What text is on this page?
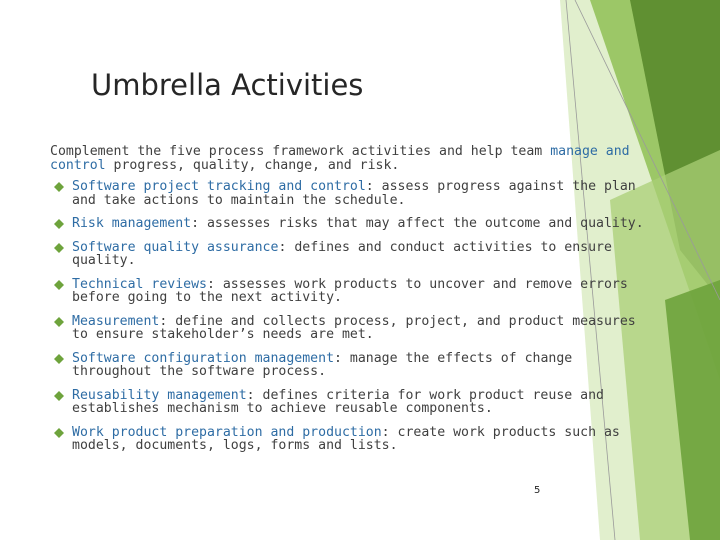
Umbrella Activities

Complement the five process framework activities and help team manage and control progress, quality, change, and risk.

Software project tracking and control: assess progress against the plan and take actions to maintain the schedule.
Risk management: assesses risks that may affect the outcome and quality.
Software quality assurance: defines and conduct activities to ensure quality.
Technical reviews: assesses work products to uncover and remove errors before going to the next activity.
Measurement: define and collects process, project, and product measures to ensure stakeholder’s needs are met.
Software configuration management: manage the effects of change throughout the software process.
Reusability management: defines criteria for work product reuse and establishes mechanism to achieve reusable components.
Work product preparation and production: create work products such as models, documents, logs, forms and lists.
5
